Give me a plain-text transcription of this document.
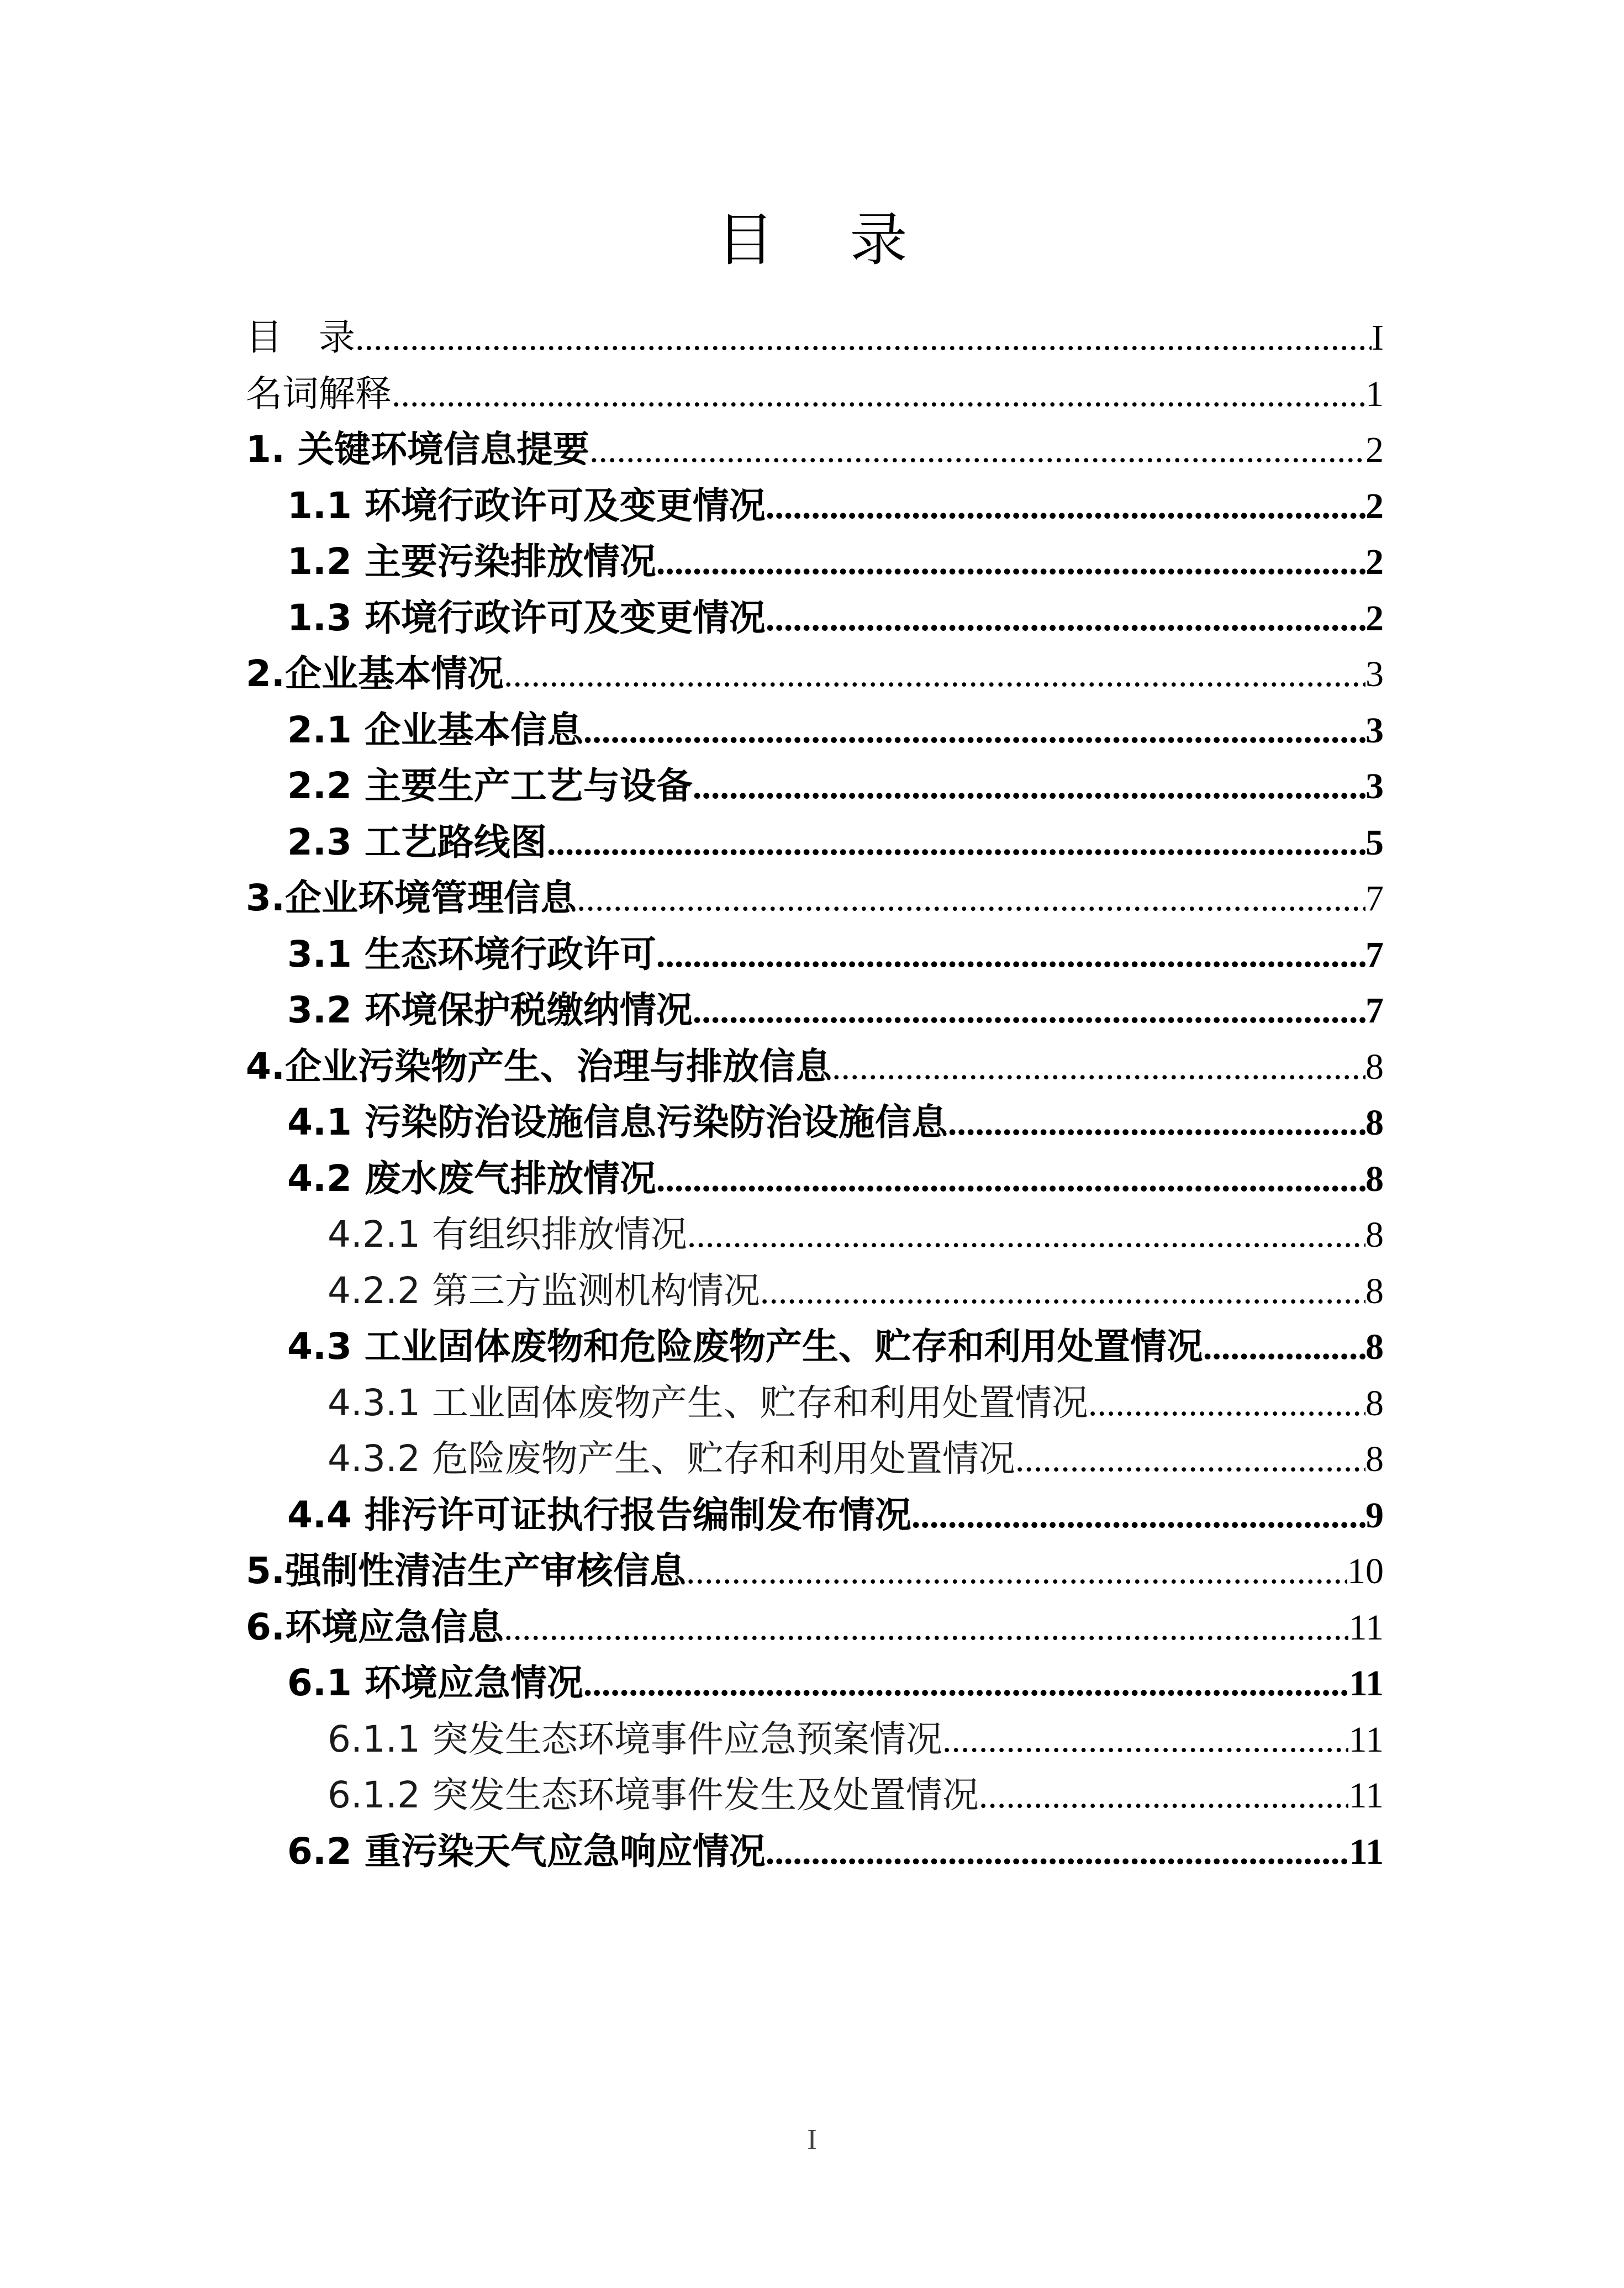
目 录
目　录 .....	I
名词解释 .....	1
1. 关键环境信息提要 .....	2
1.1 环境行政许可及变更情况 .....	2
1.2 主要污染排放情况 .....	2
1.3 环境行政许可及变更情况 .....	2
2.企业基本情况 .....	3
2.1 企业基本信息 .....	3
2.2 主要生产工艺与设备 .....	3
2.3 工艺路线图 .....	5
3.企业环境管理信息 .....	7
3.1 生态环境行政许可 .....	7
3.2 环境保护税缴纳情况 .....	7
4.企业污染物产生、治理与排放信息 .....	8
4.1 污染防治设施信息污染防治设施信息 .....	8
4.2 废水废气排放情况 .....	8
4.2.1 有组织排放情况 .....	8
4.2.2 第三方监测机构情况 .....	8
4.3 工业固体废物和危险废物产生、贮存和利用处置情况 .....	8
4.3.1 工业固体废物产生、贮存和利用处置情况 .....	8
4.3.2 危险废物产生、贮存和利用处置情况 .....	8
4.4 排污许可证执行报告编制发布情况 .....	9
5.强制性清洁生产审核信息 .....	10
6.环境应急信息 .....	11
6.1 环境应急情况 .....	11
6.1.1 突发生态环境事件应急预案情况 .....	11
6.1.2 突发生态环境事件发生及处置情况 .....	11
6.2 重污染天气应急响应情况 .....	11
I
